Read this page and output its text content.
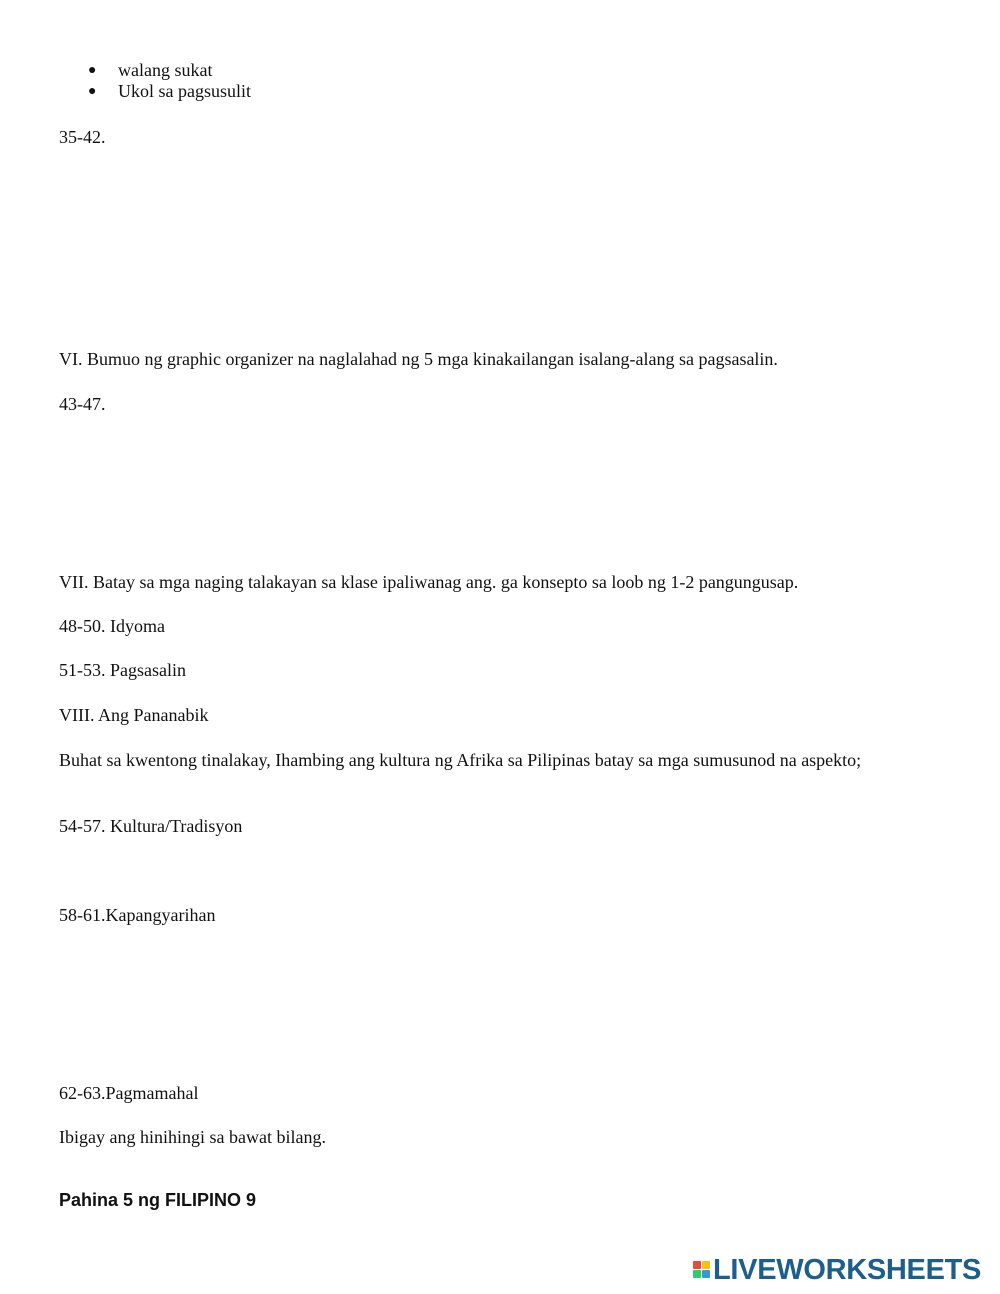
● walang sukat

● Ukol sa pagsusulit

35-42.

VI. Bumuo ng graphic organizer na naglalahad ng 5 mga kinakailangan isalang-alang sa pagsasalin.

43-47.

VII. Batay sa mga naging talakayan sa klase ipaliwanag ang. ga konsepto sa loob ng 1-2 pangungusap.

48-50. Idyoma

51-53. Pagsasalin

VIII. Ang Pananabik

Buhat sa kwentong tinalakay, Ihambing ang kultura ng Afrika sa Pilipinas batay sa mga sumusunod na aspekto;

54-57. Kultura/Tradisyon

58-61.Kapangyarihan

62-63.Pagmamahal

Ibigay ang hinihingi sa bawat bilang.

Pahina 5 ng FILIPINO 9
LIVEWORKSHEETS
